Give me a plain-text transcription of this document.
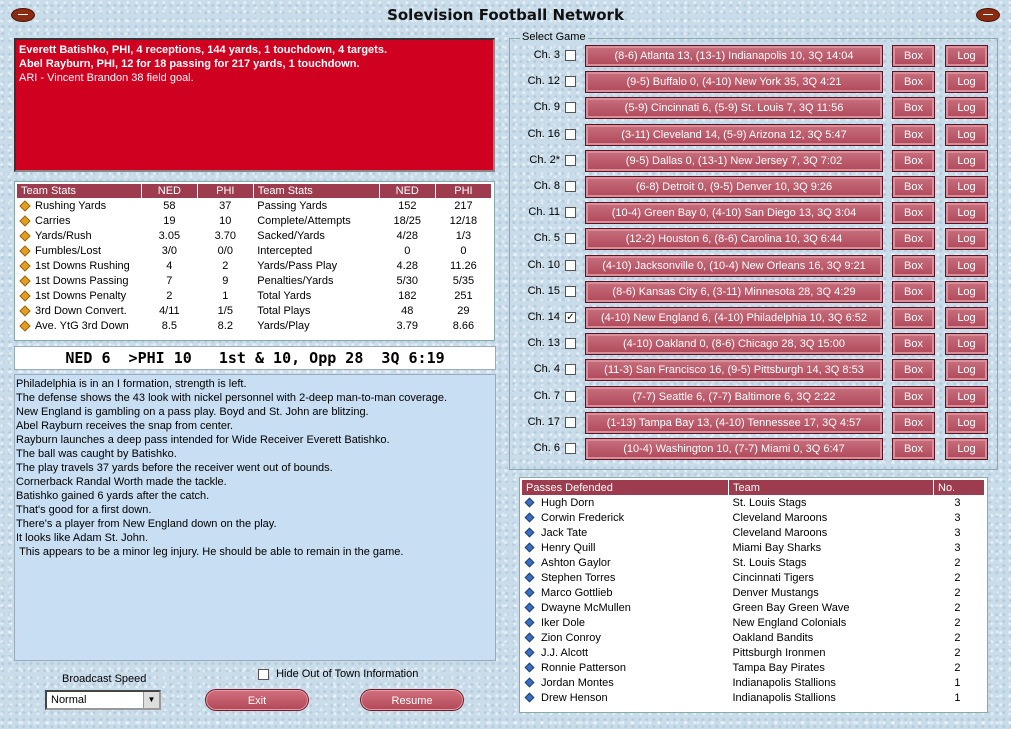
Solevision Football Network
Everett Batishko, PHI, 4 receptions, 144 yards, 1 touchdown, 4 targets.
Abel Rayburn, PHI, 12 for 18 passing for 217 yards, 1 touchdown.
ARI - Vincent Brandon 38 field goal.
Team Stats	NED	PHI	Team Stats	NED	PHI
Rushing Yards	58	37	Passing Yards	152	217
Carries	19	10	Complete/Attempts	18/25	12/18
Yards/Rush	3.05	3.70	Sacked/Yards	4/28	1/3
Fumbles/Lost	3/0	0/0	Intercepted	0	0
1st Downs Rushing	4	2	Yards/Pass Play	4.28	11.26
1st Downs Passing	7	9	Penalties/Yards	5/30	5/35
1st Downs Penalty	2	1	Total Yards	182	251
3rd Down Convert.	4/11	1/5	Total Plays	48	29
Ave. YtG 3rd Down	8.5	8.2	Yards/Play	3.79	8.66
NED 6  >PHI 10   1st & 10, Opp 28  3Q 6:19
Philadelphia is in an I formation, strength is left.
The defense shows the 43 look with nickel personnel with 2-deep man-to-man coverage.
New England is gambling on a pass play. Boyd and St. John are blitzing.
Abel Rayburn receives the snap from center.
Rayburn launches a deep pass intended for Wide Receiver Everett Batishko.
The ball was caught by Batishko.
The play travels 37 yards before the receiver went out of bounds.
Cornerback Randal Worth made the tackle.
Batishko gained 6 yards after the catch.
That's good for a first down.
There's a player from New England down on the play.
It looks like Adam St. John.
This appears to be a minor leg injury. He should be able to remain in the game.
Broadcast Speed
Normal	▼
Hide Out of Town Information
Exit	Resume
Ch. 3	(8-6) Atlanta 13, (13-1) Indianapolis 10, 3Q 14:04	Box	Log
Ch. 12	(9-5) Buffalo 0, (4-10) New York 35, 3Q 4:21	Box	Log
Ch. 9	(5-9) Cincinnati 6, (5-9) St. Louis 7, 3Q 11:56	Box	Log
Ch. 16	(3-11) Cleveland 14, (5-9) Arizona 12, 3Q 5:47	Box	Log
Ch. 2*	(9-5) Dallas 0, (13-1) New Jersey 7, 3Q 7:02	Box	Log
Ch. 8	(6-8) Detroit 0, (9-5) Denver 10, 3Q 9:26	Box	Log
Ch. 11	(10-4) Green Bay 0, (4-10) San Diego 13, 3Q 3:04	Box	Log
Ch. 5	(12-2) Houston 6, (8-6) Carolina 10, 3Q 6:44	Box	Log
Ch. 10	(4-10) Jacksonville 0, (10-4) New Orleans 16, 3Q 9:21	Box	Log
Ch. 15	(8-6) Kansas City 6, (3-11) Minnesota 28, 3Q 4:29	Box	Log
Ch. 14 ✓	(4-10) New England 6, (4-10) Philadelphia 10, 3Q 6:52	Box	Log
Ch. 13	(4-10) Oakland 0, (8-6) Chicago 28, 3Q 15:00	Box	Log
Ch. 4	(11-3) San Francisco 16, (9-5) Pittsburgh 14, 3Q 8:53	Box	Log
Ch. 7	(7-7) Seattle 6, (7-7) Baltimore 6, 3Q 2:22	Box	Log
Ch. 17	(1-13) Tampa Bay 13, (4-10) Tennessee 17, 3Q 4:57	Box	Log
Ch. 6	(10-4) Washington 10, (7-7) Miami 0, 3Q 6:47	Box	Log
Select Game
Passes Defended	Team	No.
Hugh Dorn	St. Louis Stags	3
Corwin Frederick	Cleveland Maroons	3
Jack Tate	Cleveland Maroons	3
Henry Quill	Miami Bay Sharks	3
Ashton Gaylor	St. Louis Stags	2
Stephen Torres	Cincinnati Tigers	2
Marco Gottlieb	Denver Mustangs	2
Dwayne McMullen	Green Bay Green Wave	2
Iker Dole	New England Colonials	2
Zion Conroy	Oakland Bandits	2
J.J. Alcott	Pittsburgh Ironmen	2
Ronnie Patterson	Tampa Bay Pirates	2
Jordan Montes	Indianapolis Stallions	1
Drew Henson	Indianapolis Stallions	1
